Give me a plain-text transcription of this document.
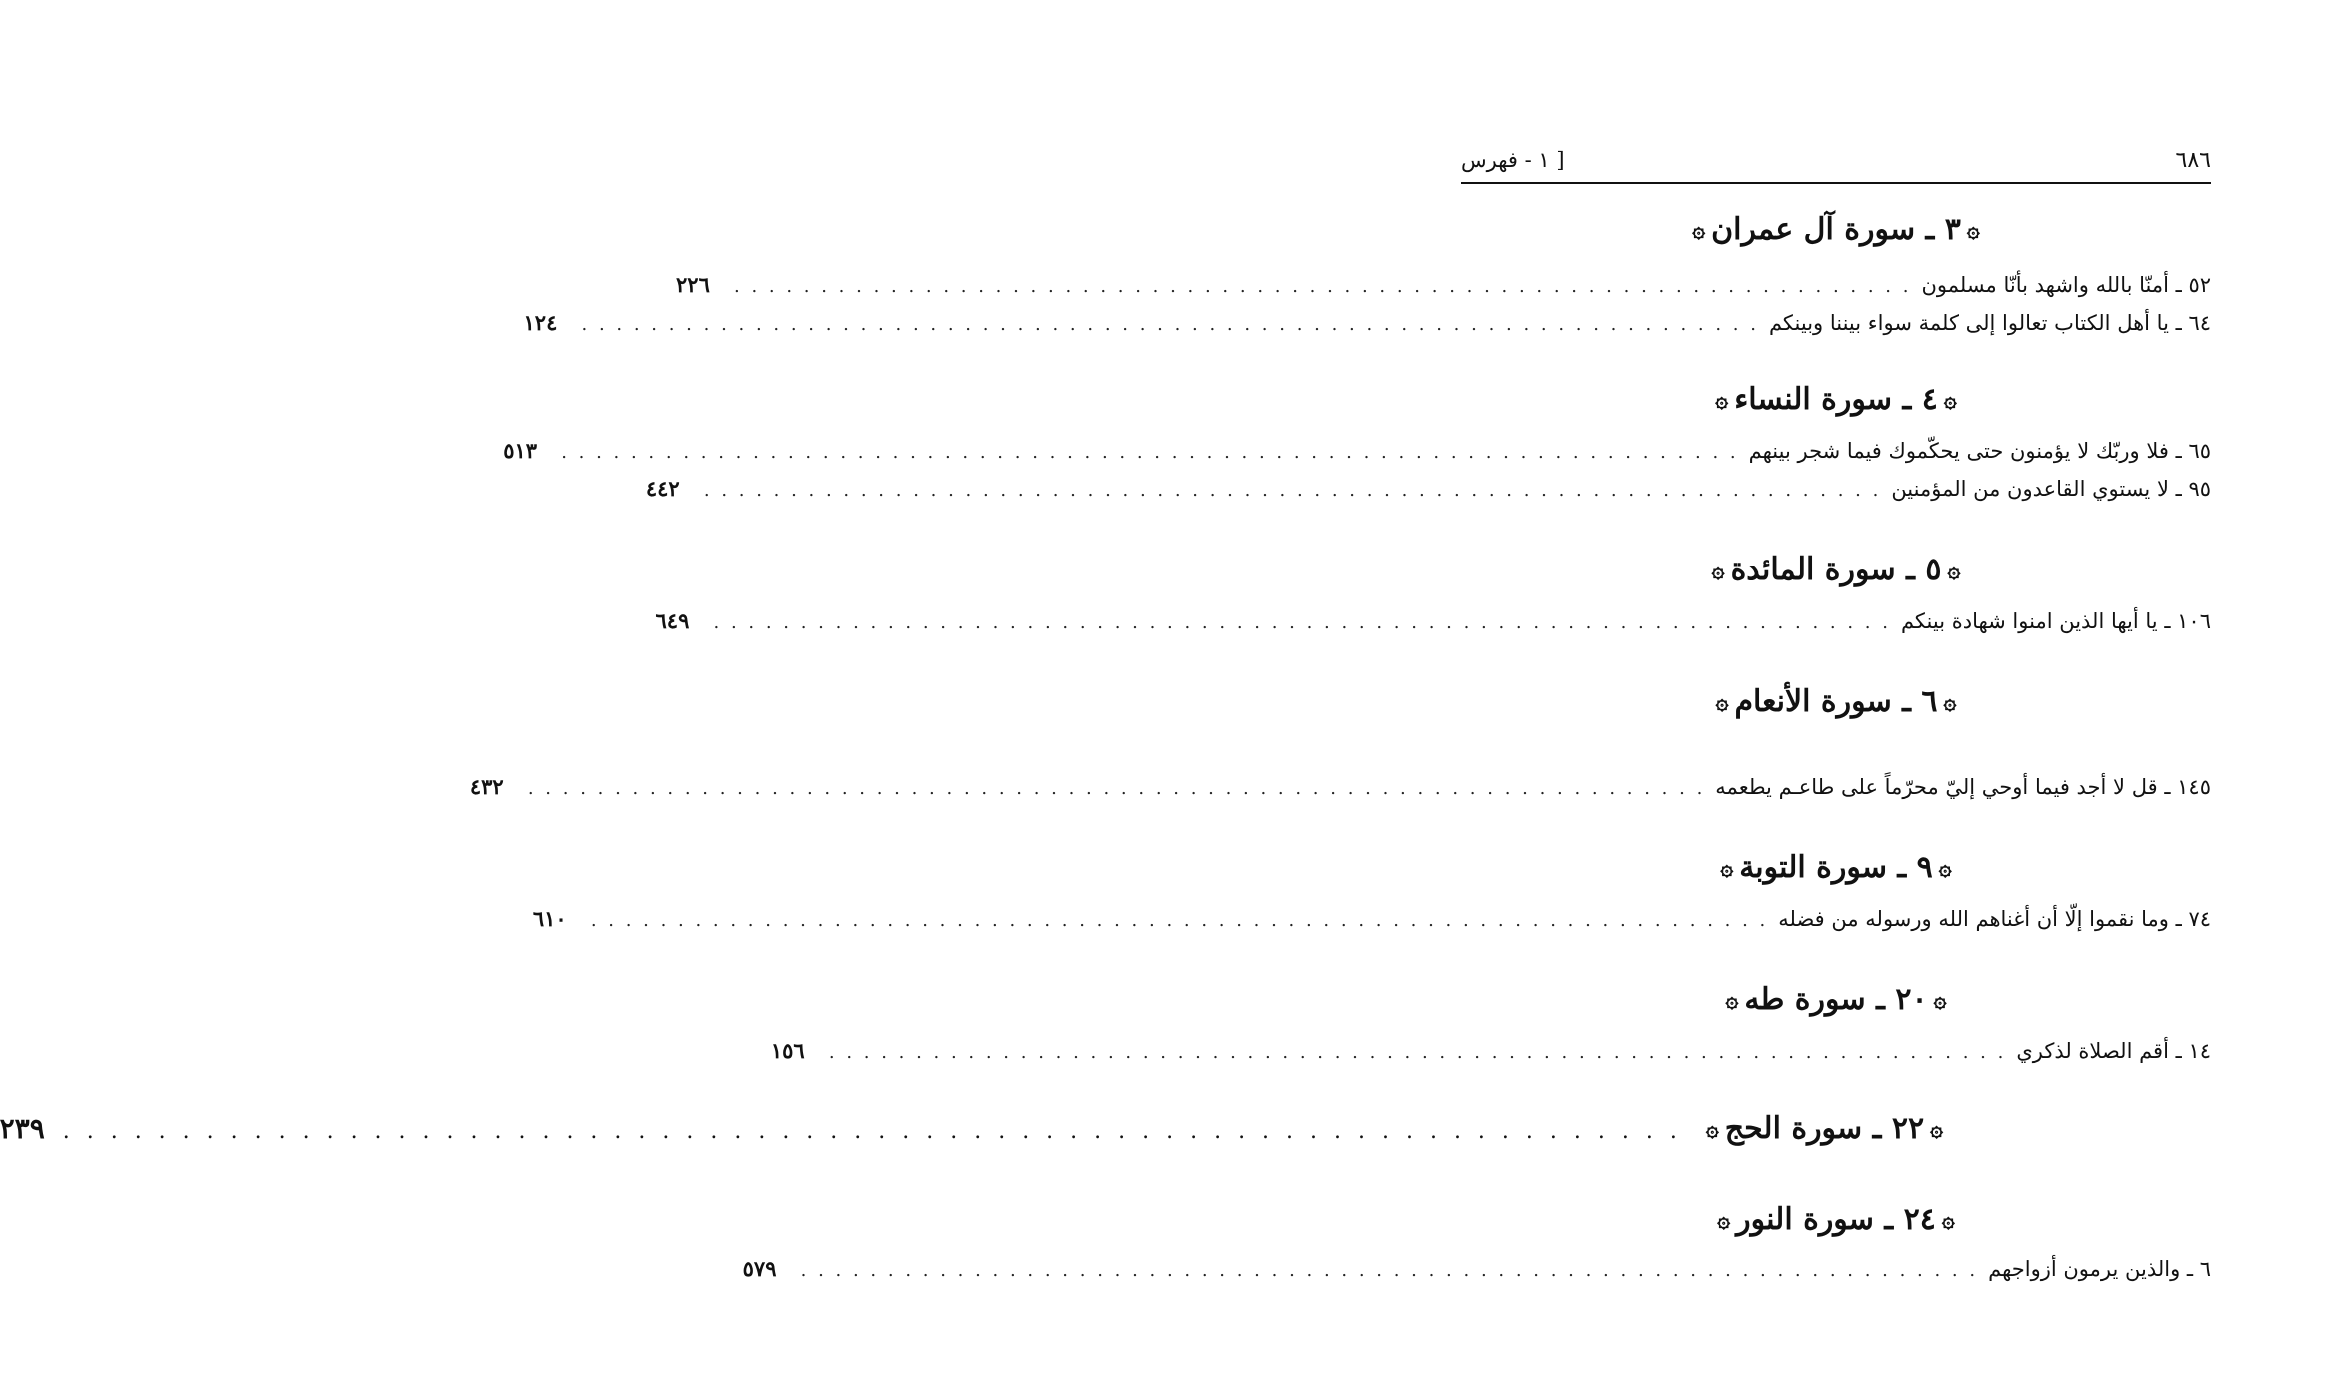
٦٨٦
[ ١ - فهرس
۞٣ ـ سورة آل عمران۞
٥٢ ـ أمنّا بالله واشهد بأنّا مسلمون
. . . . . . . . . . . . . . . . . . . . . . . . . . . . . . . . . . . . . . . . . . . . . . . . . . . . . . . . . . . . . . . . . . . .
٢٢٦
٦٤ ـ يا أهل الكتاب تعالوا إلى كلمة سواء بيننا وبينكم
. . . . . . . . . . . . . . . . . . . . . . . . . . . . . . . . . . . . . . . . . . . . . . . . . . . . . . . . . . . . . . . . . . . .
١٢٤
۞٤ ـ سورة النساء۞
٦٥ ـ فلا وربّك لا يؤمنون حتى يحكّموك فيما شجر بينهم
. . . . . . . . . . . . . . . . . . . . . . . . . . . . . . . . . . . . . . . . . . . . . . . . . . . . . . . . . . . . . . . . . . . .
٥١٣
٩٥ ـ لا يستوي القاعدون من المؤمنين
. . . . . . . . . . . . . . . . . . . . . . . . . . . . . . . . . . . . . . . . . . . . . . . . . . . . . . . . . . . . . . . . . . . .
٤٤٢
۞٥ ـ سورة المائدة۞
١٠٦ ـ يا أيها الذين امنوا شهادة بينكم
. . . . . . . . . . . . . . . . . . . . . . . . . . . . . . . . . . . . . . . . . . . . . . . . . . . . . . . . . . . . . . . . . . . .
٦٤٩
۞٦ ـ سورة الأنعام۞
١٤٥ ـ قل لا أجد فيما أوحي إليّ محرّماً على طاعـم يطعمه
. . . . . . . . . . . . . . . . . . . . . . . . . . . . . . . . . . . . . . . . . . . . . . . . . . . . . . . . . . . . . . . . . . . .
٤٣٢
۞٩ ـ سورة التوبة۞
٧٤ ـ وما نقموا إلّا أن أغناهم الله ورسوله من فضله
. . . . . . . . . . . . . . . . . . . . . . . . . . . . . . . . . . . . . . . . . . . . . . . . . . . . . . . . . . . . . . . . . . . .
٦١٠
۞٢٠ ـ سورة طه۞
١٤ ـ أقم الصلاة لذكري
. . . . . . . . . . . . . . . . . . . . . . . . . . . . . . . . . . . . . . . . . . . . . . . . . . . . . . . . . . . . . . . . . . . .
١٥٦
۞٢٢ ـ سورة الحج۞
. . . . . . . . . . . . . . . . . . . . . . . . . . . . . . . . . . . . . . . . . . . . . . . . . . . . . . . . . . . . . . . . . . . .
٢٣٩
۞٢٤ ـ سورة النور۞
٦ ـ والذين يرمون أزواجهم
. . . . . . . . . . . . . . . . . . . . . . . . . . . . . . . . . . . . . . . . . . . . . . . . . . . . . . . . . . . . . . . . . . . .
٥٧٩
